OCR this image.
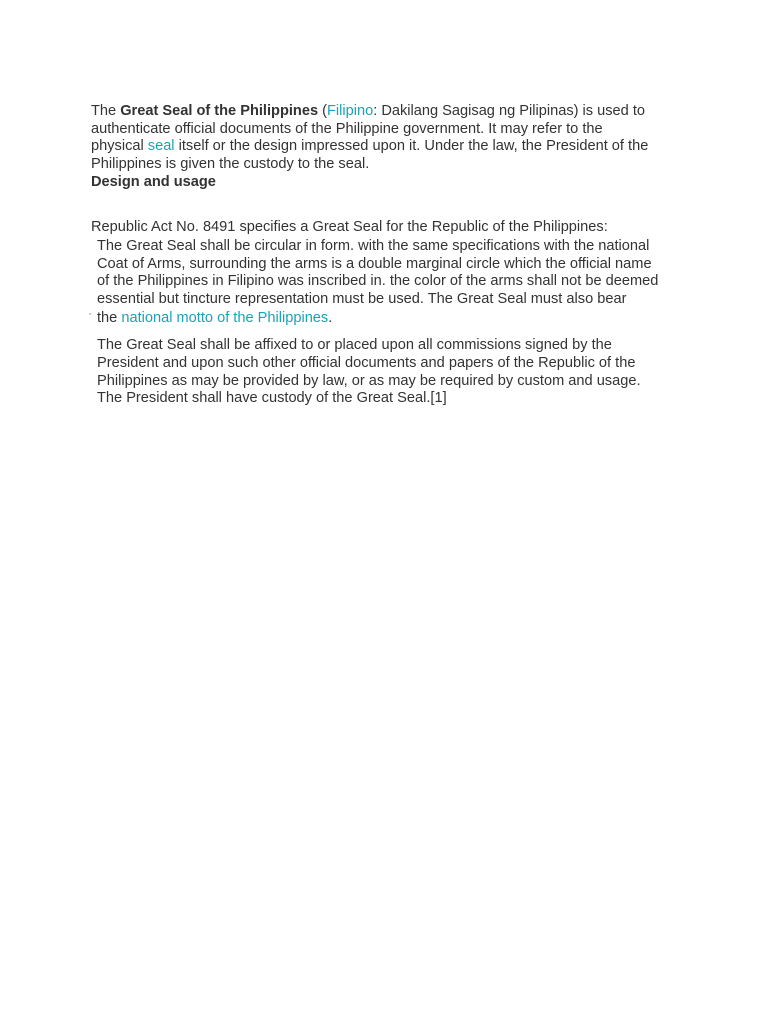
The Great Seal of the Philippines (Filipino: Dakilang Sagisag ng Pilipinas) is used to
authenticate official documents of the Philippine government. It may refer to the
physical seal itself or the design impressed upon it. Under the law, the President of the
Philippines is given the custody to the seal.
Design and usage
Republic Act No. 8491 specifies a Great Seal for the Republic of the Philippines:
The Great Seal shall be circular in form. with the same specifications with the national
Coat of Arms, surrounding the arms is a double marginal circle which the official name
of the Philippines in Filipino was inscribed in. the color of the arms shall not be deemed
essential but tincture representation must be used. The Great Seal must also bear
" the national motto of the Philippines.
The Great Seal shall be affixed to or placed upon all commissions signed by the
President and upon such other official documents and papers of the Republic of the
Philippines as may be provided by law, or as may be required by custom and usage.
The President shall have custody of the Great Seal.[1]
